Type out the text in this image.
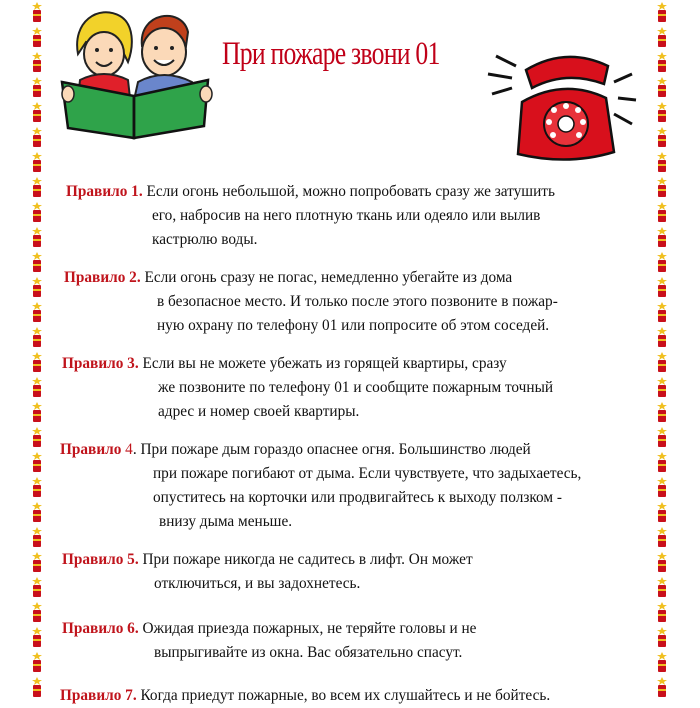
При пожаре звони 01
Правило 1. Если огонь небольшой, можно попробовать сразу же затушить
его, набросив на него плотную ткань или одеяло или вылив
кастрюлю воды.
Правило 2. Если огонь сразу не погас, немедленно убегайте из дома
в безопасное место. И только после этого позвоните в пожар-
ную охрану по телефону 01 или попросите об этом соседей.
Правило 3. Если вы не можете убежать из горящей квартиры, сразу
же позвоните по телефону 01 и сообщите пожарным точный
адрес и номер своей квартиры.
Правило 4. При пожаре дым гораздо опаснее огня. Большинство людей
при пожаре погибают от дыма. Если чувствуете, что задыхаетесь,
опуститесь на корточки или продвигайтесь к выходу ползком -
внизу дыма меньше.
Правило 5. При пожаре никогда не садитесь в лифт. Он может
отключиться, и вы задохнетесь.
Правило 6. Ожидая приезда пожарных, не теряйте головы и не
выпрыгивайте из окна. Вас обязательно спасут.
Правило 7. Когда приедут пожарные, во всем их слушайтесь и не бойтесь.
